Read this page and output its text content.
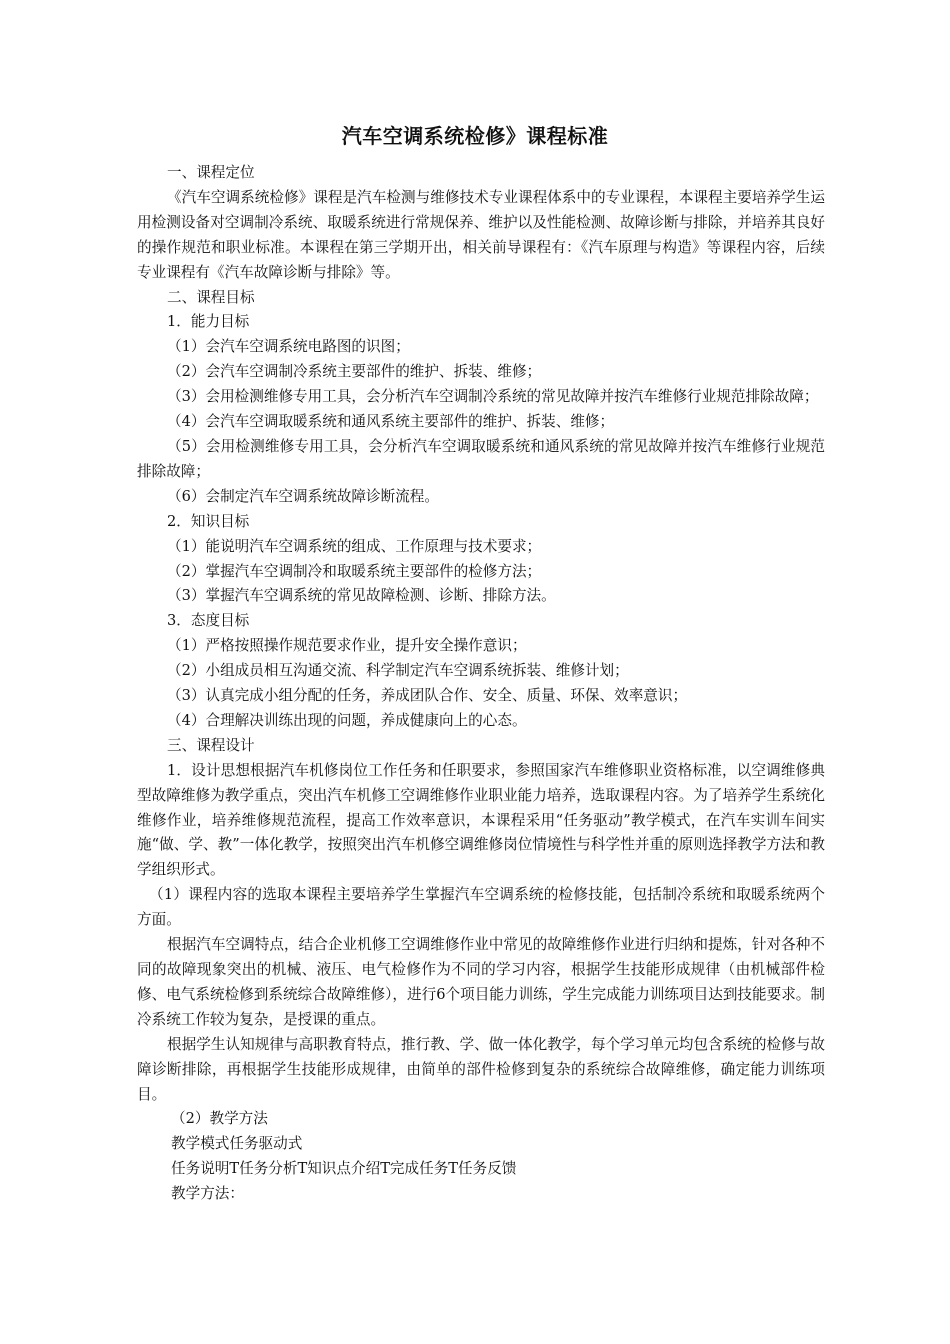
汽车空调系统检修》课程标准

一、课程定位

《汽车空调系统检修》课程是汽车检测与维修技术专业课程体系中的专业课程，本课程主要培养学生运用检测设备对空调制冷系统、取暖系统进行常规保养、维护以及性能检测、故障诊断与排除，并培养其良好的操作规范和职业标准。本课程在第三学期开出，相关前导课程有：《汽车原理与构造》等课程内容，后续专业课程有《汽车故障诊断与排除》等。

二、课程目标

1．能力目标

（1）会汽车空调系统电路图的识图；

（2）会汽车空调制冷系统主要部件的维护、拆装、维修；

（3）会用检测维修专用工具，会分析汽车空调制冷系统的常见故障并按汽车维修行业规范排除故障；

（4）会汽车空调取暖系统和通风系统主要部件的维护、拆装、维修；

（5）会用检测维修专用工具，会分析汽车空调取暖系统和通风系统的常见故障并按汽车维修行业规范排除故障；

（6）会制定汽车空调系统故障诊断流程。

2．知识目标

（1）能说明汽车空调系统的组成、工作原理与技术要求；

（2）掌握汽车空调制冷和取暖系统主要部件的检修方法；

（3）掌握汽车空调系统的常见故障检测、诊断、排除方法。

3．态度目标

（1）严格按照操作规范要求作业，提升安全操作意识；

（2）小组成员相互沟通交流、科学制定汽车空调系统拆装、维修计划；

（3）认真完成小组分配的任务，养成团队合作、安全、质量、环保、效率意识；

（4）合理解决训练出现的问题，养成健康向上的心态。

三、课程设计

1．设计思想根据汽车机修岗位工作任务和任职要求，参照国家汽车维修职业资格标准，以空调维修典型故障维修为教学重点，突出汽车机修工空调维修作业职业能力培养，选取课程内容。为了培养学生系统化维修作业，培养维修规范流程，提高工作效率意识，本课程采用“任务驱动”教学模式，在汽车实训车间实施“做、学、教”一体化教学，按照突出汽车机修空调维修岗位情境性与科学性并重的原则选择教学方法和教学组织形式。

（1）课程内容的选取本课程主要培养学生掌握汽车空调系统的检修技能，包括制冷系统和取暖系统两个方面。

根据汽车空调特点，结合企业机修工空调维修作业中常见的故障维修作业进行归纳和提炼，针对各种不同的故障现象突出的机械、液压、电气检修作为不同的学习内容，根据学生技能形成规律（由机械部件检修、电气系统检修到系统综合故障维修），进行6个项目能力训练，学生完成能力训练项目达到技能要求。制冷系统工作较为复杂，是授课的重点。

根据学生认知规律与高职教育特点，推行教、学、做一体化教学，每个学习单元均包含系统的检修与故障诊断排除，再根据学生技能形成规律，由简单的部件检修到复杂的系统综合故障维修，确定能力训练项目。

（2）教学方法

教学模式任务驱动式

任务说明T任务分析T知识点介绍T完成任务T任务反馈

教学方法：
